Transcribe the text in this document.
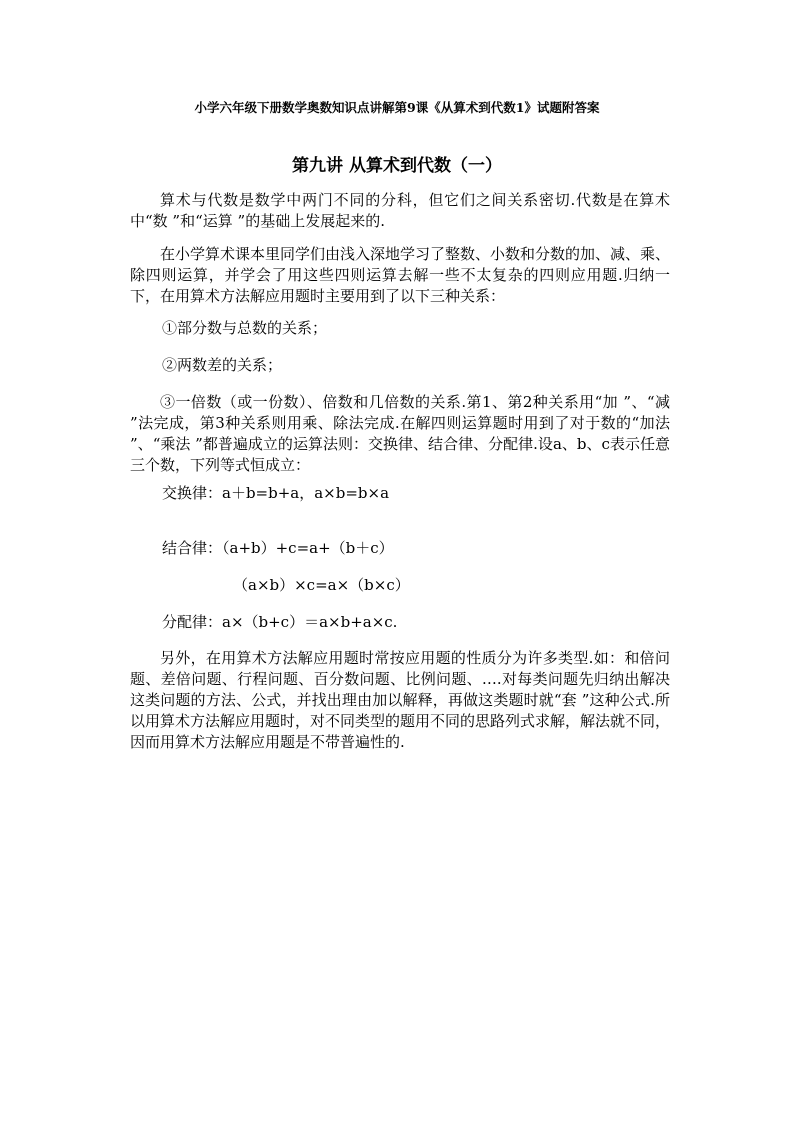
小学六年级下册数学奥数知识点讲解第9课《从算术到代数1》试题附答案
第九讲 从算术到代数（一）

算术与代数是数学中两门不同的分科，但它们之间关系密切.代数是在算术中“数 ”和“运算 ”的基础上发展起来的.

在小学算术课本里同学们由浅入深地学习了整数、小数和分数的加、减、乘、除四则运算，并学会了用这些四则运算去解一些不太复杂的四则应用题.归纳一下，在用算术方法解应用题时主要用到了以下三种关系：

①部分数与总数的关系；
②两数差的关系；

③一倍数（或一份数）、倍数和几倍数的关系.第1、第2种关系用“加 ”、“减 ”法完成，第3种关系则用乘、除法完成.在解四则运算题时用到了对于数的“加法 ”、“乘法 ”都普遍成立的运算法则：交换律、结合律、分配律.设a、b、c表示任意三个数，下列等式恒成立：

交换律：a＋b=b+a，a×b=b×a
结合律：（a+b）+c=a+（b＋c）
（a×b）×c=a×（b×c）
分配律：a×（b+c）＝a×b+a×c.

另外，在用算术方法解应用题时常按应用题的性质分为许多类型.如：和倍问题、差倍问题、行程问题、百分数问题、比例问题、….对每类问题先归纳出解决这类问题的方法、公式，并找出理由加以解释，再做这类题时就“套 ”这种公式.所以用算术方法解应用题时，对不同类型的题用不同的思路列式求解，解法就不同，因而用算术方法解应用题是不带普遍性的.
